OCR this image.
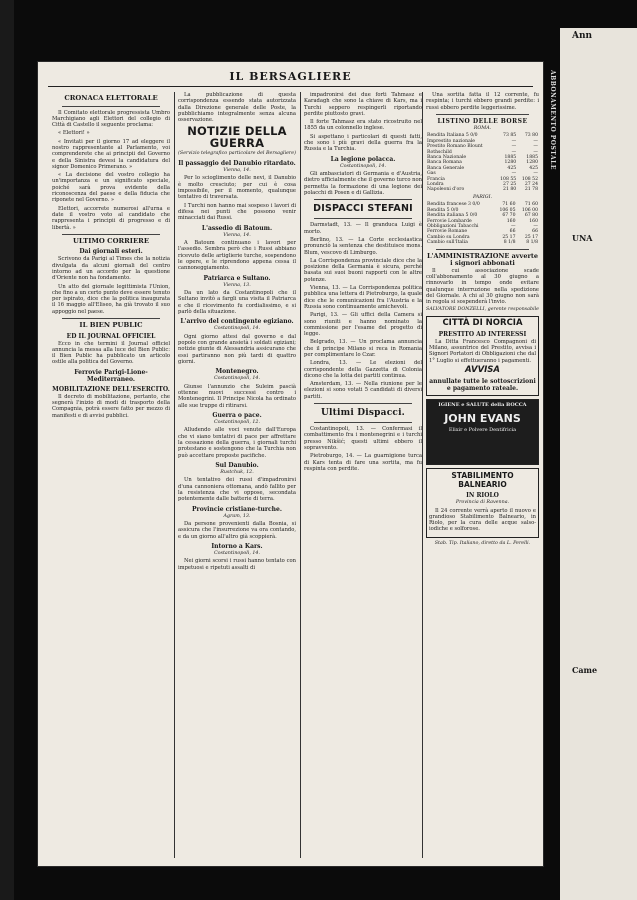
IL BERSAGLIERE
CRONACA ELETTORALE

Il Comitato elettorale progressista Umbro Marchigiano agli Elettori del collegio di Città di Castello il seguente proclama:

« Elettori! »

« Invitati per il giorno 17 ad eleggere il nostro rappresentante al Parlamento, voi comprenderete che ai principii del Governo e della Sinistra devesi la candidatura del signor Domenico Primerano. »

« La decisione del vostro collegio ha un'importanza e un significato speciale, poiché sarà prova evidente della riconoscenza del paese e della fiducia che riponete nel Governo. »

Elettori, accorrete numerosi all'urna e date il vostro voto al candidato che rappresenta i principii di progresso e di libertà. »

ULTIMO CORRIERE
Dai giornali esteri.

Scrivono da Parigi al Times che la notizia divulgata da alcuni giornali del centro intorno ad un accordo per la questione d'Oriente non ha fondamento.

Un atto del giornale legittimista l'Union, che fino a un certo punto deve essere tenuto per ispirato, dice che la politica inaugurata il 16 maggio all'Eliseo, ha già trovato il suo appoggio nel paese.

IL BIEN PUBLIC
ED IL JOURNAL OFFICIEL

Ecco in che termini il Journal officiel annuncia la messa alla luce del Bien Public: il Bien Public ha pubblicato un articolo ostile alla politica del Governo.

Ferrovie Parigi-Lione-Mediterraneo.
MOBILITAZIONE DELL'ESERCITO.

Il decreto di mobilitazione, pertanto, che segnerà l'inizio di modi di trasporto della Compagnia, potrà essere fatto per mezzo di manifesti e di avvisi pubblici.

La pubblicazione di questa corrispondenza essendo stata autorizzata dalla Direzione generale delle Poste, la pubblichiamo integralmente senza alcuna osservazione.

NOTIZIE DELLA GUERRA
(Servizio telegrafico particolare del Bersagliere)
Il passaggio del Danubio ritardato.
Vienna, 14.

Per lo scioglimento delle nevi, il Danubio è molto cresciuto; per cui è cosa impossibile, per il momento, qualunque tentativo di traversata.

I Turchi non hanno mai sospeso i lavori di difesa nei punti che possono venir minacciati dai Russi.

L'assedio di Batoum.
Vienna, 14.

A Batoum continuano i lavori per l'assedio. Sembra però che i Russi abbiano ricevuto delle artiglierie turche, sospendono le opere, e le riprendono appena cessa il cannoneggiamento.

Patriarca e Sultano.
Vienna, 13.

Da un lato da Costantinopoli che il Sultano invitò a fargli una visita il Patriarca e che il ricevimento fu cordialissimo, e si parlò della situazione.

L'arrivo del contingente egiziano.
Costantinopoli, 14.

Ogni giorno attesi dal governo e dal popolo con grande ansietà i soldati egiziani; notizie giunte di Alessandria assicurano che essi partiranno non più tardi di quattro giorni.

Montenegro.
Costantinopoli, 14.

Giunse l'annunzio che Suleim pascià ottenne nuovi successi contro i Montenegrini. Il Principe Nicola ha ordinato alle sue truppe di ritirarsi.

Guerra o pace.
Costantinopoli, 12.

Alludendo alle voci venute dall'Europa che vi siano tentativi di pace per affrettare la cessazione della guerra, i giornali turchi protestano e sostengono che la Turchia non può accettare proposte pacifiche.

Sul Danubio.
Rustchuk, 12.

Un tentativo dei russi d'impadronirsi d'una cannoniera ottomana, andò fallito per la resistenza che vi oppose, secondata potentemente dalle batterie di terra.

Provincie cristiane-turche.
Agram, 13.

Da persone provenienti dalla Bosnia, si assicura che l'insurrezione va ora contando, e da un giorno all'altro già scoppierà.

Intorno a Kars.
Costantinopoli, 14.

Nei giorni scorsi i russi hanno tentato con impetuosi e ripetuti assalti di

impadronirsi dei due forti Tahmasz e Karadagh che sono la chiave di Kars, ma i Turchi seppero respingerli riportando perdite piuttosto gravi.

Il forte Tahmasz era stato ricostruito nel 1855 da un colonnello inglese.

Si aspettano i particolari di questi fatti, che sono i più gravi della guerra fra la Russia e la Turchia.

La legione polacca.
Costantinopoli, 14.

Gli ambasciatori di Germania e d'Austria, dietro ufficialmente che il governo turco non permetta la formazione di una legione dei polacchi di Posen e di Gallizia.

DISPACCI STEFANI

Darmstadt, 13. — Il granduca Luigi è morto.

Berlino, 13. — La Corte ecclesiastica pronunciò la sentenza che destituisce mons. Blum, vescovo di Limburgo.

La Corrispondenza provinciale dice che la posizione della Germania è sicura, perché basata sui suoi buoni rapporti con le altre potenze.

Vienna, 13. — La Corrispondenza politica pubblica una lettera di Pietroburgo, la quale dice che le comunicazioni fra l'Austria e la Russia sono continuamente amichevoli.

Parigi, 13. — Gli uffici della Camera si sono riuniti e hanno nominato la commissione per l'esame del progetto di legge.

Belgrado, 13. — Un proclama annuncia che il principe Milano si reca in Romania per complimentare lo Czar.

Londra, 13. — Le elezioni del corrispondente della Gazzetta di Colonia dicono che la lotta dei partiti continua.

Amsterdam, 13. — Nella riunione per le elezioni si sono votati 5 candidati di diversi partiti.

Ultimi Dispacci.

Costantinopoli, 13. — Confermasi il combattimento fra i montenegrini e i turchi presso Nikšić; questi ultimi ebbero il sopravvento.

Pietroburgo, 14. — La guarnigione turca di Kars tenta di fare una sortita, ma fu respinta con perdite.

Una sortita fatta il 12 corrente, fu respinta; i turchi ebbero grandi perdite: i russi ebbero perdite leggerissime.

LISTINO DELLE BORSE
ROMA.
Rendita Italiana 5 0/0	73 85	73 80
Imprestito nazionale	—	—
Prestito Romano Blount	—	—
Rothschild	—	—
Banca Nazionale	1885	1885
Banca Romana	1280	1280
Banca Generale	425	425
Gas	—	—
Francia	108 55	108 52
Londra	27 25	27 24
Napoleoni d'oro	21 80	21 78
PARIGI.
Rendita francese 3 0/0	71 60	71 60
Rendita 5 0/0	106 05	106 00
Rendita italiana 5 0/0	67 70	67 80
Ferrovie Lombarde	160	160
Obbligazioni Tabacchi	—	—
Ferrovie Romane	66	66
Cambio su Londra	25 17	25 17
Cambio sull'Italia	8 1/8	8 1/8
L'AMMINISTRAZIONE avverte i signori abbonati

Il cui associazione scade coll'abbonamento al 30 giugno a rinnovarlo in tempo onde evitare qualunque interruzione nella spedizione del Giornale. A chi al 30 giugno non sarà in regola si sospenderà l'invio.

SALVATORE DONZELLI, gerente responsabile
CITTÀ DI NORCIA
PRESTITO AD INTERESSI

La Ditta Francesco Compagnoni di Milano, assuntrice del Prestito, avvisa i Signori Portatori di Obbligazioni che dal 1° Luglio si effettueranno i pagamenti.

AVVISA
annullate tutte le sottoscrizioni e pagamento rateale.
IGIENE e SALUTE della BOCCA
JOHN EVANS
Elixir e Polvere Dentifricia
STABILIMENTO BALNEARIO
IN RIOLO
Provincia di Ravenna.

Il 24 corrente verrà aperto il nuovo e grandioso Stabilimento Balneario, in Riolo, per la cura delle acque salso-iodiche e solforose.

Stab. Tip. Italiano, diretto da L. Perelli.
ABBONAMENTO POSTALE
Ann
UNA
Came
